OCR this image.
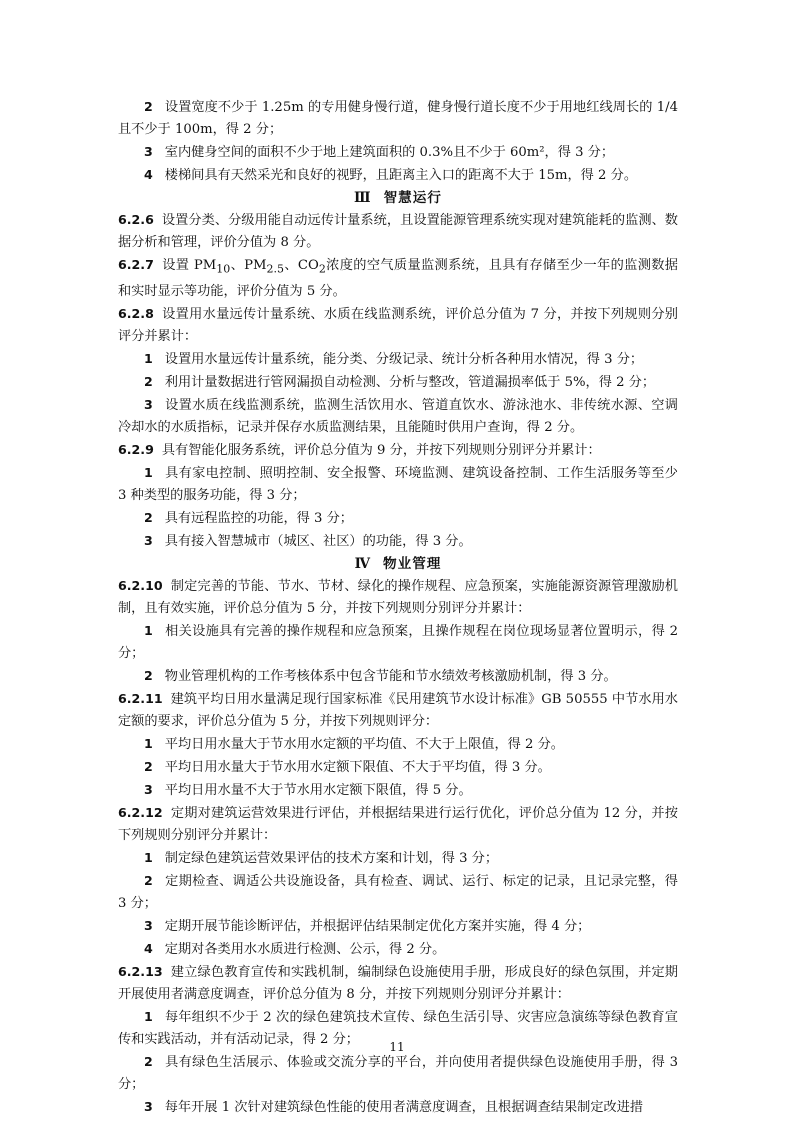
2 设置宽度不少于 1.25m 的专用健身慢行道，健身慢行道长度不少于用地红线周长的 1/4 且不少于 100m，得 2 分；

3 室内健身空间的面积不少于地上建筑面积的 0.3%且不少于 60m²，得 3 分；

4 楼梯间具有天然采光和良好的视野，且距离主入口的距离不大于 15m，得 2 分。

Ⅲ 智慧运行

6.2.6 设置分类、分级用能自动远传计量系统，且设置能源管理系统实现对建筑能耗的监测、数据分析和管理，评价分值为 8 分。

6.2.7 设置 $PM_{10}$、$PM_{2.5}$、$CO_2$浓度的空气质量监测系统，且具有存储至少一年的监测数据和实时显示等功能，评价分值为 5 分。

6.2.8 设置用水量远传计量系统、水质在线监测系统，评价总分值为 7 分，并按下列规则分别评分并累计：

1 设置用水量远传计量系统，能分类、分级记录、统计分析各种用水情况，得 3 分；

2 利用计量数据进行管网漏损自动检测、分析与整改，管道漏损率低于 5%，得 2 分；

3 设置水质在线监测系统，监测生活饮用水、管道直饮水、游泳池水、非传统水源、空调冷却水的水质指标，记录并保存水质监测结果，且能随时供用户查询，得 2 分。

6.2.9 具有智能化服务系统，评价总分值为 9 分，并按下列规则分别评分并累计：

1 具有家电控制、照明控制、安全报警、环境监测、建筑设备控制、工作生活服务等至少 3 种类型的服务功能，得 3 分；

2 具有远程监控的功能，得 3 分；

3 具有接入智慧城市（城区、社区）的功能，得 3 分。

Ⅳ 物业管理

6.2.10 制定完善的节能、节水、节材、绿化的操作规程、应急预案，实施能源资源管理激励机制，且有效实施，评价总分值为 5 分，并按下列规则分别评分并累计：

1 相关设施具有完善的操作规程和应急预案，且操作规程在岗位现场显著位置明示，得 2 分；

2 物业管理机构的工作考核体系中包含节能和节水绩效考核激励机制，得 3 分。

6.2.11 建筑平均日用水量满足现行国家标准《民用建筑节水设计标准》GB 50555 中节水用水定额的要求，评价总分值为 5 分，并按下列规则评分：

1 平均日用水量大于节水用水定额的平均值、不大于上限值，得 2 分。

2 平均日用水量大于节水用水定额下限值、不大于平均值，得 3 分。

3 平均日用水量不大于节水用水定额下限值，得 5 分。

6.2.12 定期对建筑运营效果进行评估，并根据结果进行运行优化，评价总分值为 12 分，并按下列规则分别评分并累计：

1 制定绿色建筑运营效果评估的技术方案和计划，得 3 分；

2 定期检查、调适公共设施设备，具有检查、调试、运行、标定的记录，且记录完整，得 3 分；

3 定期开展节能诊断评估，并根据评估结果制定优化方案并实施，得 4 分；

4 定期对各类用水水质进行检测、公示，得 2 分。

6.2.13 建立绿色教育宣传和实践机制，编制绿色设施使用手册，形成良好的绿色氛围，并定期开展使用者满意度调查，评价总分值为 8 分，并按下列规则分别评分并累计：

1 每年组织不少于 2 次的绿色建筑技术宣传、绿色生活引导、灾害应急演练等绿色教育宣传和实践活动，并有活动记录，得 2 分；

2 具有绿色生活展示、体验或交流分享的平台，并向使用者提供绿色设施使用手册，得 3 分；

3 每年开展 1 次针对建筑绿色性能的使用者满意度调查，且根据调查结果制定改进措

11
